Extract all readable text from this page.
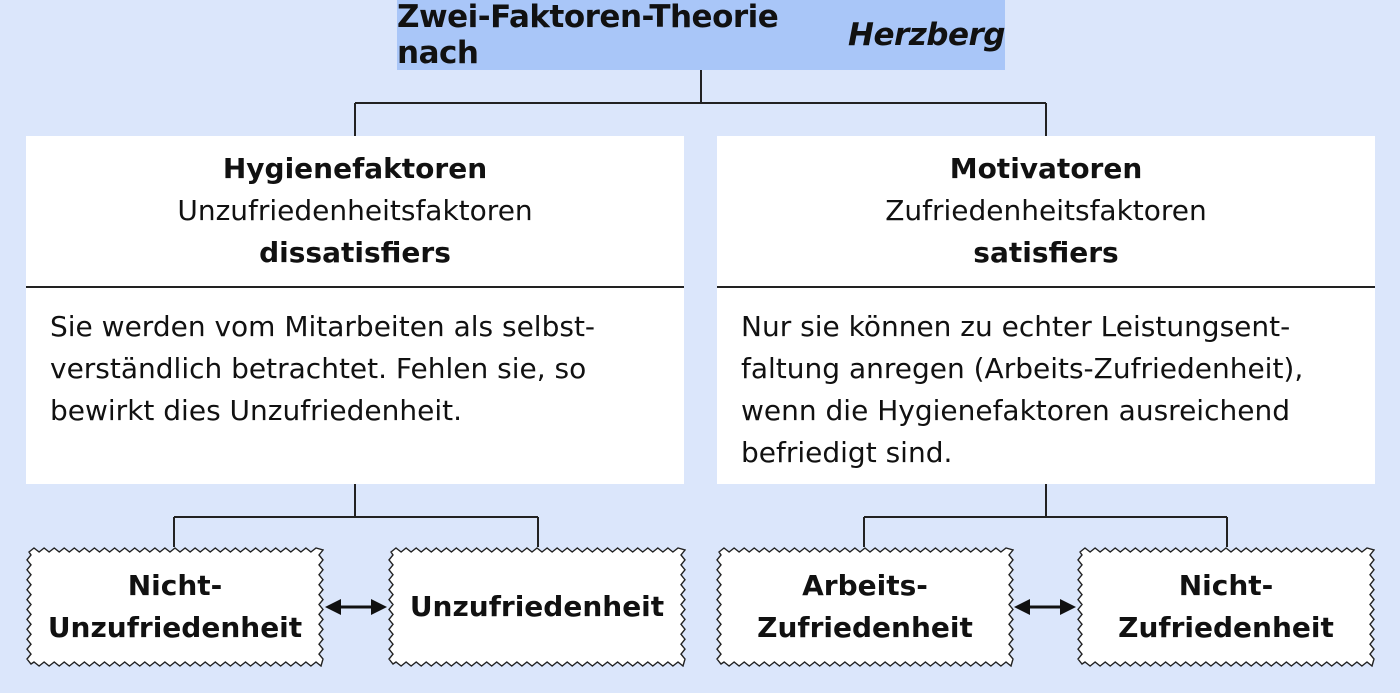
Zwei-Faktoren-Theorie nach	Herzberg
Hygienefaktoren
Unzufriedenheitsfaktoren
dissatisfiers
Sie werden vom Mitarbeiten als selbst-
verständlich betrachtet. Fehlen sie, so
bewirkt dies Unzufriedenheit.
Motivatoren
Zufriedenheitsfaktoren
satisfiers
Nur sie können zu echter Leistungsent-
faltung anregen (Arbeits-Zufriedenheit),
wenn die Hygienefaktoren ausreichend
befriedigt sind.
Nicht-
Unzufriedenheit
Unzufriedenheit
Arbeits-
Zufriedenheit
Nicht-
Zufriedenheit
